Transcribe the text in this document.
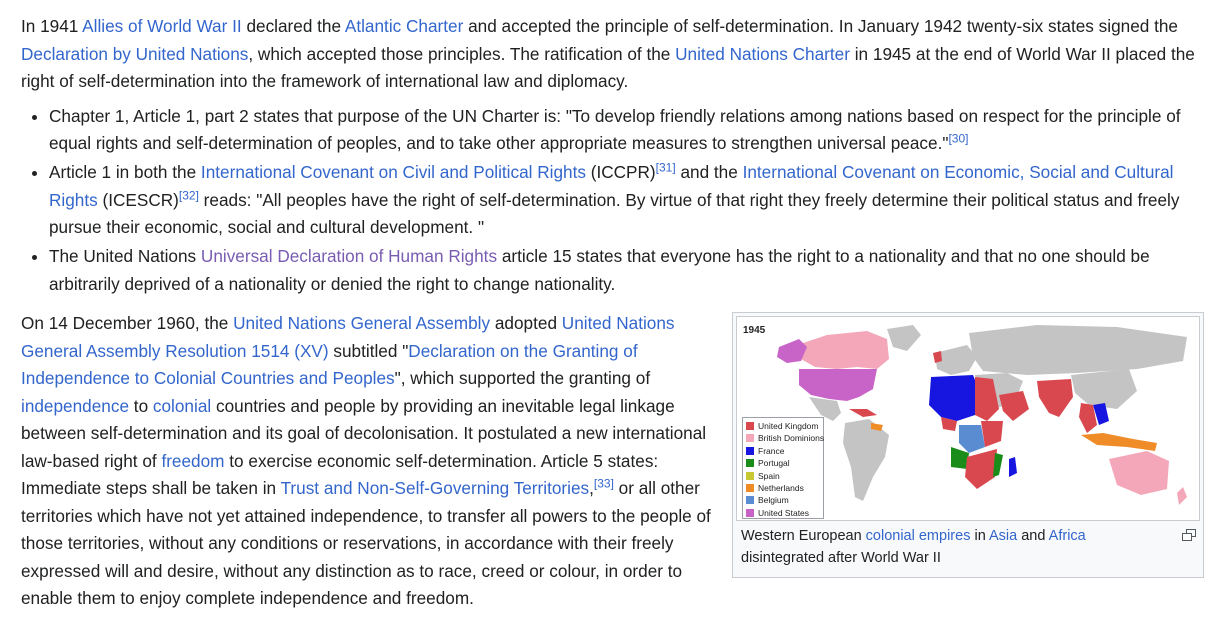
In 1941 Allies of World War II declared the Atlantic Charter and accepted the principle of self-determination. In January 1942 twenty-six states signed the Declaration by United Nations, which accepted those principles. The ratification of the United Nations Charter in 1945 at the end of World War II placed the right of self-determination into the framework of international law and diplomacy.

Chapter 1, Article 1, part 2 states that purpose of the UN Charter is: "To develop friendly relations among nations based on respect for the principle of equal rights and self-determination of peoples, and to take other appropriate measures to strengthen universal peace."[30]
Article 1 in both the International Covenant on Civil and Political Rights (ICCPR)[31] and the International Covenant on Economic, Social and Cultural Rights (ICESCR)[32] reads: "All peoples have the right of self-determination. By virtue of that right they freely determine their political status and freely pursue their economic, social and cultural development. "
The United Nations Universal Declaration of Human Rights article 15 states that everyone has the right to a nationality and that no one should be arbitrarily deprived of a nationality or denied the right to change nationality.

On 14 December 1960, the United Nations General Assembly adopted United Nations General Assembly Resolution 1514 (XV) subtitled "Declaration on the Granting of Independence to Colonial Countries and Peoples", which supported the granting of independence to colonial countries and people by providing an inevitable legal linkage between self-determination and its goal of decolonisation. It postulated a new international law-based right of freedom to exercise economic self-determination. Article 5 states: Immediate steps shall be taken in Trust and Non-Self-Governing Territories,[33] or all other territories which have not yet attained independence, to transfer all powers to the people of those territories, without any conditions or reservations, in accordance with their freely expressed will and desire, without any distinction as to race, creed or colour, in order to enable them to enjoy complete independence and freedom.

1945
United Kingdom
British Dominions
France
Portugal
Spain
Netherlands
Belgium
United States
Western European colonial empires in Asia and Africa disintegrated after World War II
